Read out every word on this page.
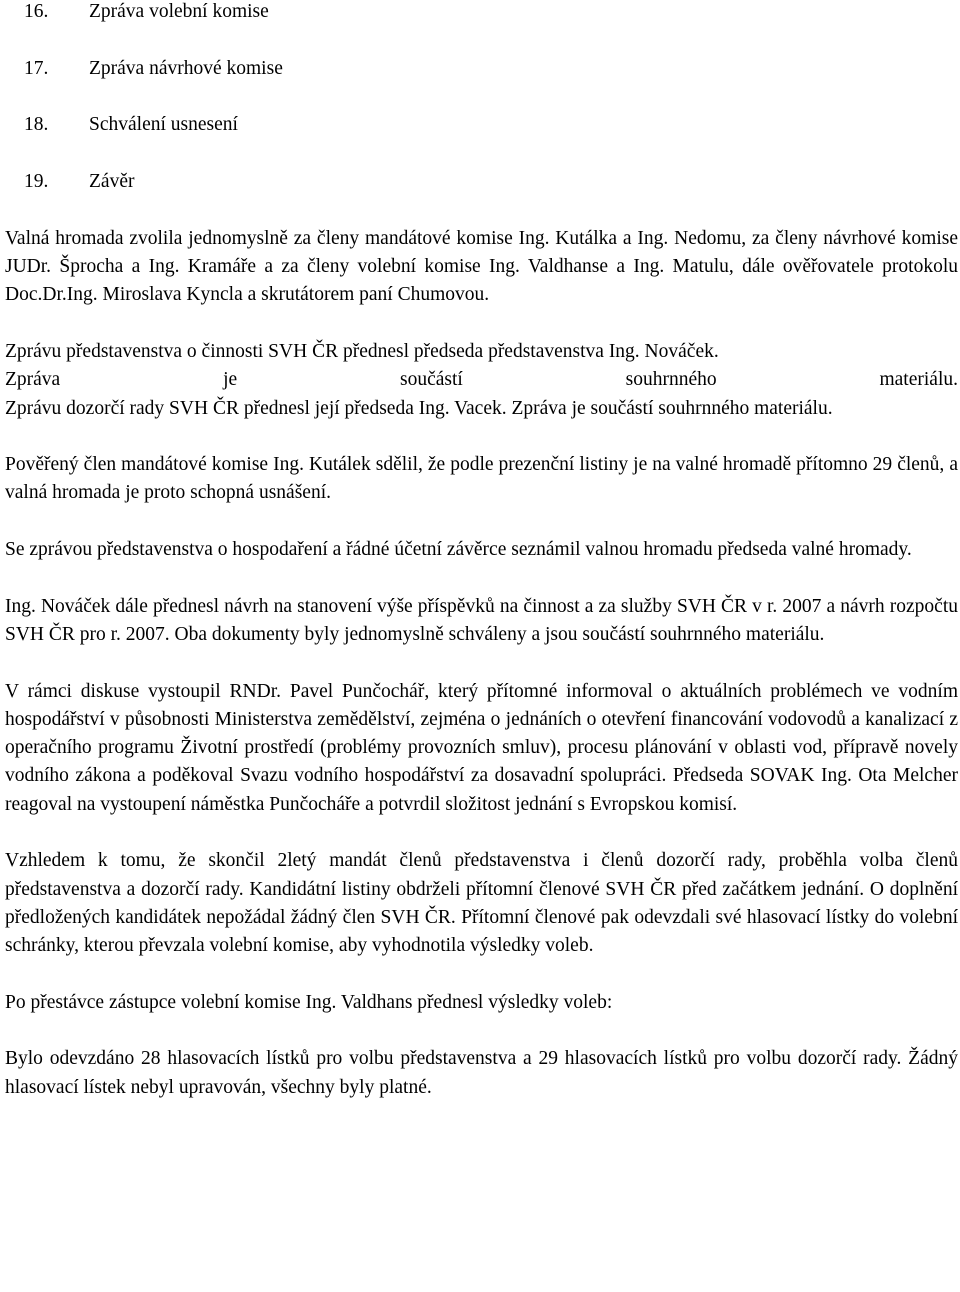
16. Zpráva volební komise
17. Zpráva návrhové komise
18. Schválení usnesení
19. Závěr

Valná hromada zvolila jednomyslně za členy mandátové komise Ing. Kutálka a Ing. Nedomu, za členy návrhové komise JUDr. Šprocha a Ing. Kramáře a za členy volební komise Ing. Valdhanse a Ing. Matulu, dále ověřovatele protokolu Doc.Dr.Ing. Miroslava Kyncla a skrutátorem paní Chumovou.

Zprávu představenstva o činnosti SVH ČR přednesl předseda představenstva Ing. Nováček.
Zpráva je součástí souhrnného materiálu.
Zprávu dozorčí rady SVH ČR přednesl její předseda Ing. Vacek. Zpráva je součástí souhrnného materiálu.

Pověřený člen mandátové komise Ing. Kutálek sdělil, že podle prezenční listiny je na valné hromadě přítomno 29 členů, a valná hromada je proto schopná usnášení.

Se zprávou představenstva o hospodaření a řádné účetní závěrce seznámil valnou hromadu předseda valné hromady.

Ing. Nováček dále přednesl návrh na stanovení výše příspěvků na činnost a za služby SVH ČR v r. 2007 a návrh rozpočtu SVH ČR pro r. 2007. Oba dokumenty byly jednomyslně schváleny a jsou součástí souhrnného materiálu.

V rámci diskuse vystoupil RNDr. Pavel Punčochář, který přítomné informoval o aktuálních problémech ve vodním hospodářství v působnosti Ministerstva zemědělství, zejména o jednáních o otevření financování vodovodů a kanalizací z operačního programu Životní prostředí (problémy provozních smluv), procesu plánování v oblasti vod, přípravě novely vodního zákona a poděkoval Svazu vodního hospodářství za dosavadní spolupráci. Předseda SOVAK Ing. Ota Melcher reagoval na vystoupení náměstka Punčocháře a potvrdil složitost jednání s Evropskou komisí.

Vzhledem k tomu, že skončil 2letý mandát členů představenstva i členů dozorčí rady, proběhla volba členů představenstva a dozorčí rady. Kandidátní listiny obdrželi přítomní členové SVH ČR před začátkem jednání. O doplnění předložených kandidátek nepožádal žádný člen SVH ČR. Přítomní členové pak odevzdali své hlasovací lístky do volební schránky, kterou převzala volební komise, aby vyhodnotila výsledky voleb.

Po přestávce zástupce volební komise Ing. Valdhans přednesl výsledky voleb:

Bylo odevzdáno 28 hlasovacích lístků pro volbu představenstva a 29 hlasovacích lístků pro volbu dozorčí rady. Žádný hlasovací lístek nebyl upravován, všechny byly platné.
